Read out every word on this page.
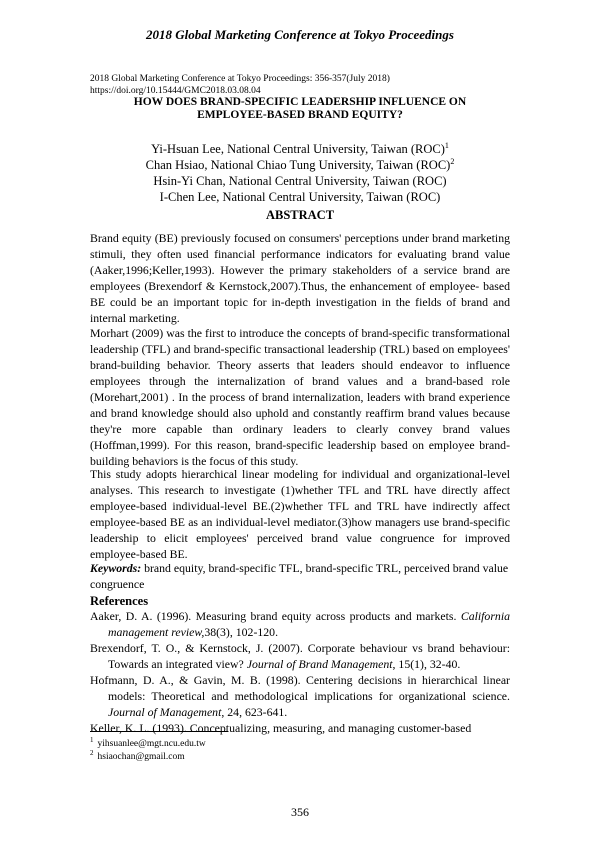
2018 Global Marketing Conference at Tokyo Proceedings
2018 Global Marketing Conference at Tokyo Proceedings: 356-357(July 2018)
https://doi.org/10.15444/GMC2018.03.08.04
HOW DOES BRAND-SPECIFIC LEADERSHIP INFLUENCE ON
EMPLOYEE-BASED BRAND EQUITY?
Yi-Hsuan Lee, National Central University, Taiwan (ROC)$^1$
Chan Hsiao, National Chiao Tung University, Taiwan (ROC)$^2$
Hsin-Yi Chan, National Central University, Taiwan (ROC)
I-Chen Lee, National Central University, Taiwan (ROC)
ABSTRACT

Brand equity (BE) previously focused on consumers' perceptions under brand marketing stimuli, they often used financial performance indicators for evaluating brand value (Aaker,1996;Keller,1993). However the primary stakeholders of a service brand are employees (Brexendorf & Kernstock,2007).Thus, the enhancement of employee- based BE could be an important topic for in-depth investigation in the fields of brand and internal marketing.

Morhart (2009) was the first to introduce the concepts of brand-specific transformational leadership (TFL) and brand-specific transactional leadership (TRL) based on employees' brand-building behavior. Theory asserts that leaders should endeavor to influence employees through the internalization of brand values and a brand-based role (Morehart,2001) . In the process of brand internalization, leaders with brand experience and brand knowledge should also uphold and constantly reaffirm brand values because they're more capable than ordinary leaders to clearly convey brand values (Hoffman,1999). For this reason, brand-specific leadership based on employee brand-building behaviors is the focus of this study.

This study adopts hierarchical linear modeling for individual and organizational-level analyses. This research to investigate (1)whether TFL and TRL have directly affect employee-based individual-level BE.(2)whether TFL and TRL have indirectly affect employee-based BE as an individual-level mediator.(3)how managers use brand-specific leadership to elicit employees' perceived brand value congruence for improved employee-based BE.

Keywords: brand equity, brand-specific TFL, brand-specific TRL, perceived brand value congruence
References
Aaker, D. A. (1996). Measuring brand equity across products and markets. California management review,38(3), 102-120.
Brexendorf, T. O., & Kernstock, J. (2007). Corporate behaviour vs brand behaviour: Towards an integrated view? Journal of Brand Management, 15(1), 32-40.
Hofmann, D. A., & Gavin, M. B. (1998). Centering decisions in hierarchical linear models: Theoretical and methodological implications for organizational science. Journal of Management, 24, 623-641.
Keller, K. L. (1993). Conceptualizing, measuring, and managing customer-based
$^1$ yihsuanlee@mgt.ncu.edu.tw
$^2$ hsiaochan@gmail.com
356
